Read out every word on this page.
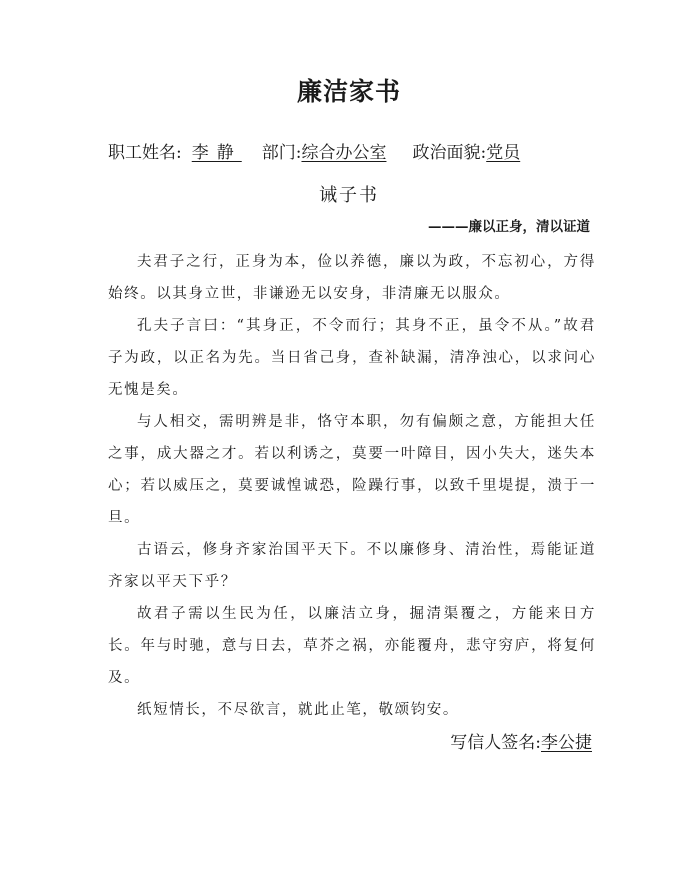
廉洁家书
职工姓名: 李静 部门:综合办公室 政治面貌:党员
诫子书
———廉以正身，清以证道

夫君子之行，正身为本，俭以养德，廉以为政，不忘初心，方得始终。以其身立世，非谦逊无以安身，非清廉无以服众。

孔夫子言曰：“其身正，不令而行；其身不正，虽令不从。”故君子为政，以正名为先。当日省己身，查补缺漏，清净浊心，以求问心无愧是矣。

与人相交，需明辨是非，恪守本职，勿有偏颇之意，方能担大任之事，成大器之才。若以利诱之，莫要一叶障目，因小失大，迷失本心；若以威压之，莫要诚惶诚恐，险躁行事，以致千里堤提，溃于一旦。

古语云，修身齐家治国平天下。不以廉修身、清治性，焉能证道齐家以平天下乎？

故君子需以生民为任，以廉洁立身，掘清渠覆之，方能来日方长。年与时驰，意与日去，草芥之祸，亦能覆舟，悲守穷庐，将复何及。

纸短情长，不尽欲言，就此止笔，敬颂钧安。

写信人签名:李公捷
